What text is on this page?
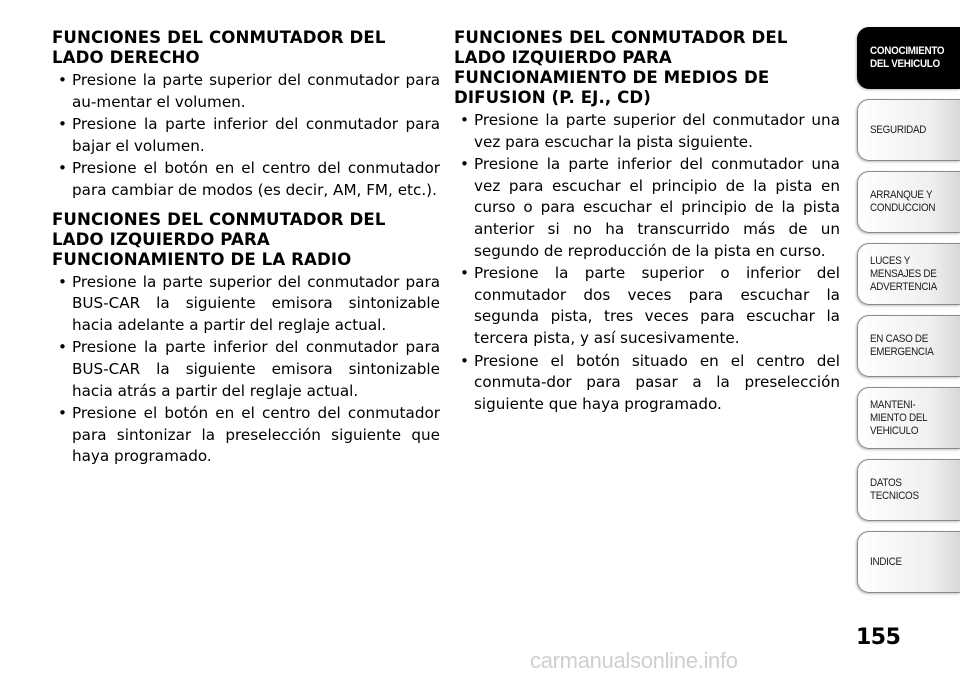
FUNCIONES DEL CONMUTADOR DEL
LADO DERECHO
• Presione la parte superior del conmutador para au-mentar el volumen.
• Presione la parte inferior del conmutador para bajar el volumen.
• Presione el botón en el centro del conmutador para cambiar de modos (es decir, AM, FM, etc.).
FUNCIONES DEL CONMUTADOR DEL
LADO IZQUIERDO PARA
FUNCIONAMIENTO DE LA RADIO
• Presione la parte superior del conmutador para BUS-CAR la siguiente emisora sintonizable hacia adelante a partir del reglaje actual.
• Presione la parte inferior del conmutador para BUS-CAR la siguiente emisora sintonizable hacia atrás a partir del reglaje actual.
• Presione el botón en el centro del conmutador para sintonizar la preselección siguiente que haya programado.
FUNCIONES DEL CONMUTADOR DEL
LADO IZQUIERDO PARA
FUNCIONAMIENTO DE MEDIOS DE
DIFUSION (P. EJ., CD)
• Presione la parte superior del conmutador una vez para escuchar la pista siguiente.
• Presione la parte inferior del conmutador una vez para escuchar el principio de la pista en curso o para escuchar el principio de la pista anterior si no ha transcurrido más de un segundo de reproducción de la pista en curso.
• Presione la parte superior o inferior del conmutador dos veces para escuchar la segunda pista, tres veces para escuchar la tercera pista, y así sucesivamente.
• Presione el botón situado en el centro del conmuta-dor para pasar a la preselección siguiente que haya programado.
CONOCIMIENTO
DEL VEHICULO
SEGURIDAD
ARRANQUE Y
CONDUCCION
LUCES Y
MENSAJES DE
ADVERTENCIA
EN CASO DE
EMERGENCIA
MANTENI-
MIENTO DEL
VEHICULO
DATOS
TECNICOS
INDICE
155
carmanualsonline.info
